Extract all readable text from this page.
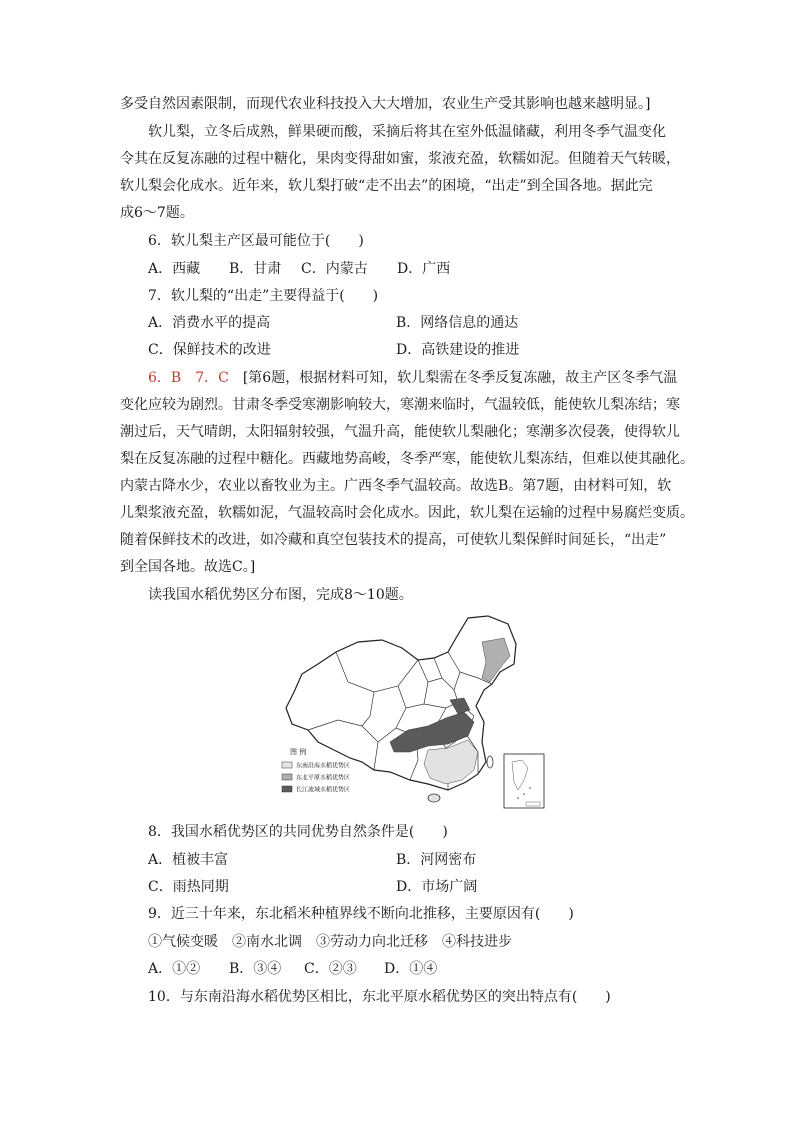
多受自然因素限制，而现代农业科技投入大大增加，农业生产受其影响也越来越明显。]
软儿梨，立冬后成熟，鲜果硬而酸，采摘后将其在室外低温储藏，利用冬季气温变化
令其在反复冻融的过程中糖化，果肉变得甜如蜜，浆液充盈，软糯如泥。但随着天气转暖，
软儿梨会化成水。近年来，软儿梨打破“走不出去”的困境，“出走”到全国各地。据此完
成6～7题。
6．软儿梨主产区最可能位于(　　)
A．西藏 B．甘肃 C．内蒙古 D．广西
7．软儿梨的“出走”主要得益于(　　)
A．消费水平的提高	B．网络信息的通达
C．保鲜技术的改进	D．高铁建设的推进
6．B　7．C　 [第6题，根据材料可知，软儿梨需在冬季反复冻融，故主产区冬季气温
变化应较为剧烈。甘肃冬季受寒潮影响较大，寒潮来临时，气温较低，能使软儿梨冻结；寒
潮过后，天气晴朗，太阳辐射较强，气温升高，能使软儿梨融化；寒潮多次侵袭，使得软儿
梨在反复冻融的过程中糖化。西藏地势高峻，冬季严寒，能使软儿梨冻结，但难以使其融化。
内蒙古降水少，农业以畜牧业为主。广西冬季气温较高。故选B。第7题，由材料可知，软
儿梨浆液充盈，软糯如泥，气温较高时会化成水。因此，软儿梨在运输的过程中易腐烂变质。
随着保鲜技术的改进，如冷藏和真空包装技术的提高，可使软儿梨保鲜时间延长，“出走”
到全国各地。故选C。]
读我国水稻优势区分布图，完成8～10题。
图 例
东南沿海水稻优势区
东北平原水稻优势区
长江流域水稻优势区
8．我国水稻优势区的共同优势自然条件是(　　)
A．植被丰富	B．河网密布
C．雨热同期	D．市场广阔
9．近三十年来，东北稻米种植界线不断向北推移，主要原因有(　　)
①气候变暖　②南水北调　③劳动力向北迁移　④科技进步
A．①② B．③④ C．②③ D．①④
10．与东南沿海水稻优势区相比，东北平原水稻优势区的突出特点有(　　)
